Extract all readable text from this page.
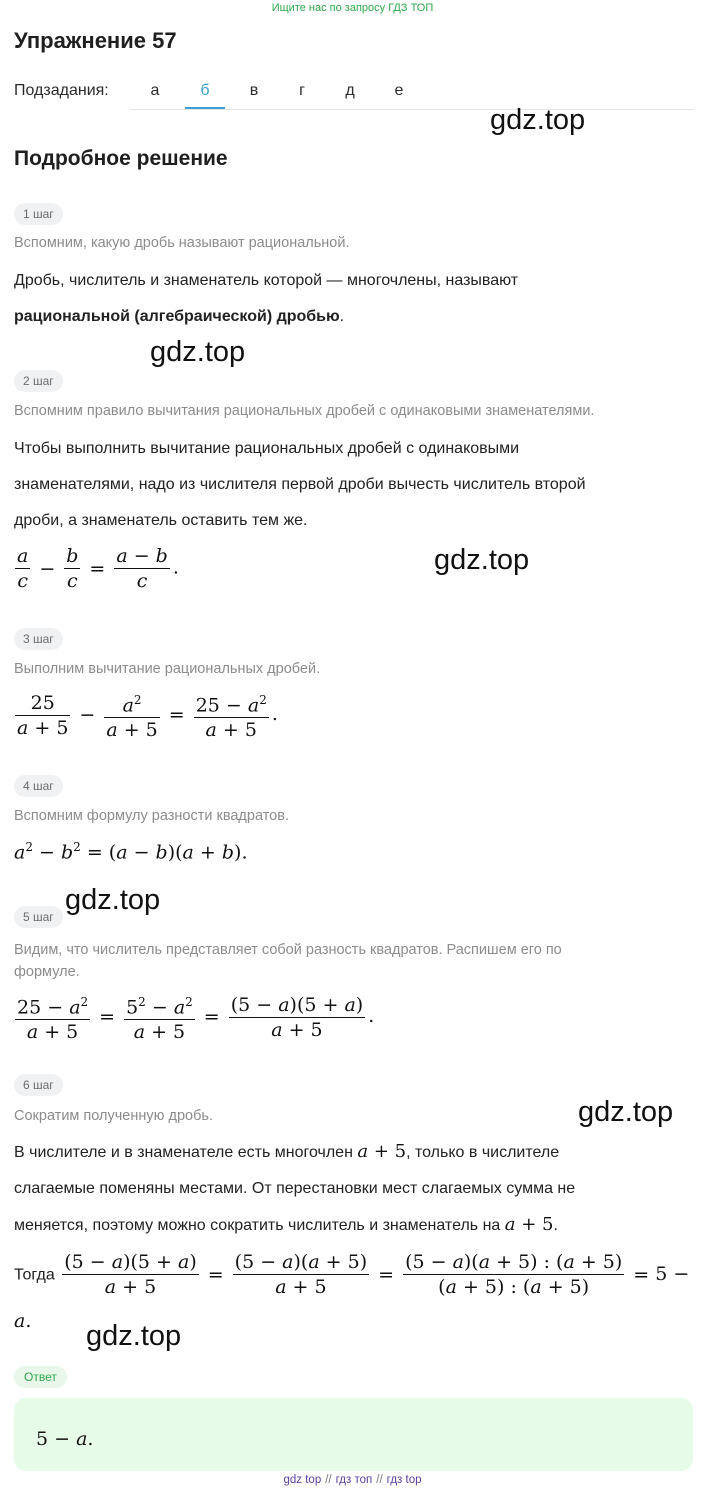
Ищите нас по запросу ГДЗ ТОП
Упражнение 57
Подзадания:	а	б	в	г	д	е
Подробное решение
gdz.top
gdz.top
gdz.top
gdz.top
gdz.top
gdz.top
1 шаг
Вспомним, какую дробь называют рациональной.
Дробь, числитель и знаменатель которой — многочлены, называют
рациональной (алгебраической) дробью.
2 шаг
Вспомним правило вычитания рациональных дробей с одинаковыми знаменателями.
Чтобы выполнить вычитание рациональных дробей с одинаковыми
знаменателями, надо из числителя первой дроби вычесть числитель второй
дроби, а знаменатель оставить тем же.
$\frac{a}{c} - \frac{b}{c} = \frac{a - b}{c}$ .
3 шаг
Выполним вычитание рациональных дробей.
$\frac{25}{a + 5} - \frac{a^2}{a + 5} = \frac{25 - a^2}{a + 5}$ .
4 шаг
Вспомним формулу разности квадратов.
$a^2 - b^2 = (a - b)(a + b)$.
5 шаг
Видим, что числитель представляет собой разность квадратов. Распишем его по
формуле.
$\frac{25 - a^2}{a + 5} = \frac{5^2 - a^2}{a + 5} = \frac{(5 - a)(5 + a)}{a + 5}$ .
6 шаг
Сократим полученную дробь.
В числителе и в знаменателе есть многочлен a + 5, только в числителе
слагаемые поменяны местами. От перестановки мест слагаемых сумма не
меняется, поэтому можно сократить числитель и знаменатель на a + 5.
Тогда $\frac{(5 - a)(5 + a)}{a + 5} = \frac{(5 - a)(a + 5)}{a + 5} = \frac{(5 - a)(a + 5) : (a + 5)}{(a + 5) : (a + 5)} = 5$ −
a.
Ответ
5 − a.
gdz top // гдз топ // гдз top
